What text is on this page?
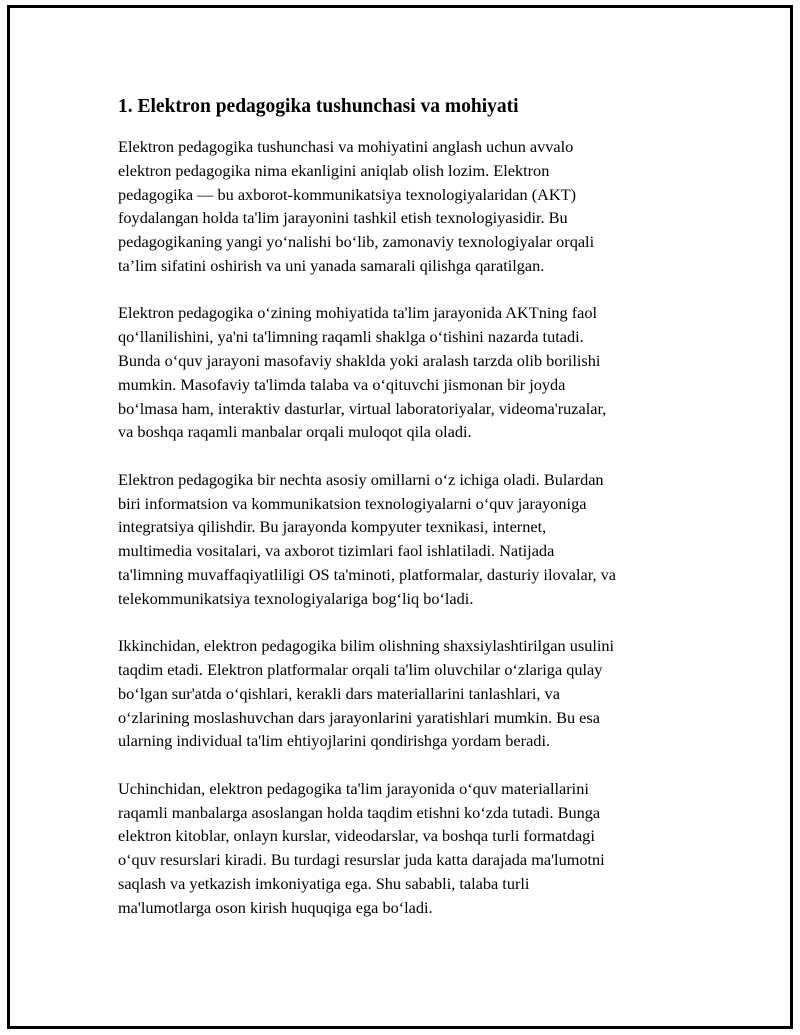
1. Elektron pedagogika tushunchasi va mohiyati
Elektron pedagogika tushunchasi va mohiyatini anglash uchun avvalo
elektron pedagogika nima ekanligini aniqlab olish lozim. Elektron
pedagogika — bu axborot-kommunikatsiya texnologiyalaridan (AKT)
foydalangan holda ta'lim jarayonini tashkil etish texnologiyasidir. Bu
pedagogikaning yangi yoʻnalishi boʻlib, zamonaviy texnologiyalar orqali
ta’lim sifatini oshirish va uni yanada samarali qilishga qaratilgan.
Elektron pedagogika oʻzining mohiyatida ta'lim jarayonida AKTning faol
qoʻllanilishini, ya'ni ta'limning raqamli shaklga oʻtishini nazarda tutadi.
Bunda oʻquv jarayoni masofaviy shaklda yoki aralash tarzda olib borilishi
mumkin. Masofaviy ta'limda talaba va oʻqituvchi jismonan bir joyda
boʻlmasa ham, interaktiv dasturlar, virtual laboratoriyalar, videoma'ruzalar,
va boshqa raqamli manbalar orqali muloqot qila oladi.
Elektron pedagogika bir nechta asosiy omillarni oʻz ichiga oladi. Bulardan
biri informatsion va kommunikatsion texnologiyalarni oʻquv jarayoniga
integratsiya qilishdir. Bu jarayonda kompyuter texnikasi, internet,
multimedia vositalari, va axborot tizimlari faol ishlatiladi. Natijada
ta'limning muvaffaqiyatliligi OS ta'minoti, platformalar, dasturiy ilovalar, va
telekommunikatsiya texnologiyalariga bogʻliq boʻladi.
Ikkinchidan, elektron pedagogika bilim olishning shaxsiylashtirilgan usulini
taqdim etadi. Elektron platformalar orqali ta'lim oluvchilar oʻzlariga qulay
boʻlgan sur'atda oʻqishlari, kerakli dars materiallarini tanlashlari, va
oʻzlarining moslashuvchan dars jarayonlarini yaratishlari mumkin. Bu esa
ularning individual ta'lim ehtiyojlarini qondirishga yordam beradi.
Uchinchidan, elektron pedagogika ta'lim jarayonida oʻquv materiallarini
raqamli manbalarga asoslangan holda taqdim etishni koʻzda tutadi. Bunga
elektron kitoblar, onlayn kurslar, videodarslar, va boshqa turli formatdagi
oʻquv resurslari kiradi. Bu turdagi resurslar juda katta darajada ma'lumotni
saqlash va yetkazish imkoniyatiga ega. Shu sababli, talaba turli
ma'lumotlarga oson kirish huquqiga ega boʻladi.
